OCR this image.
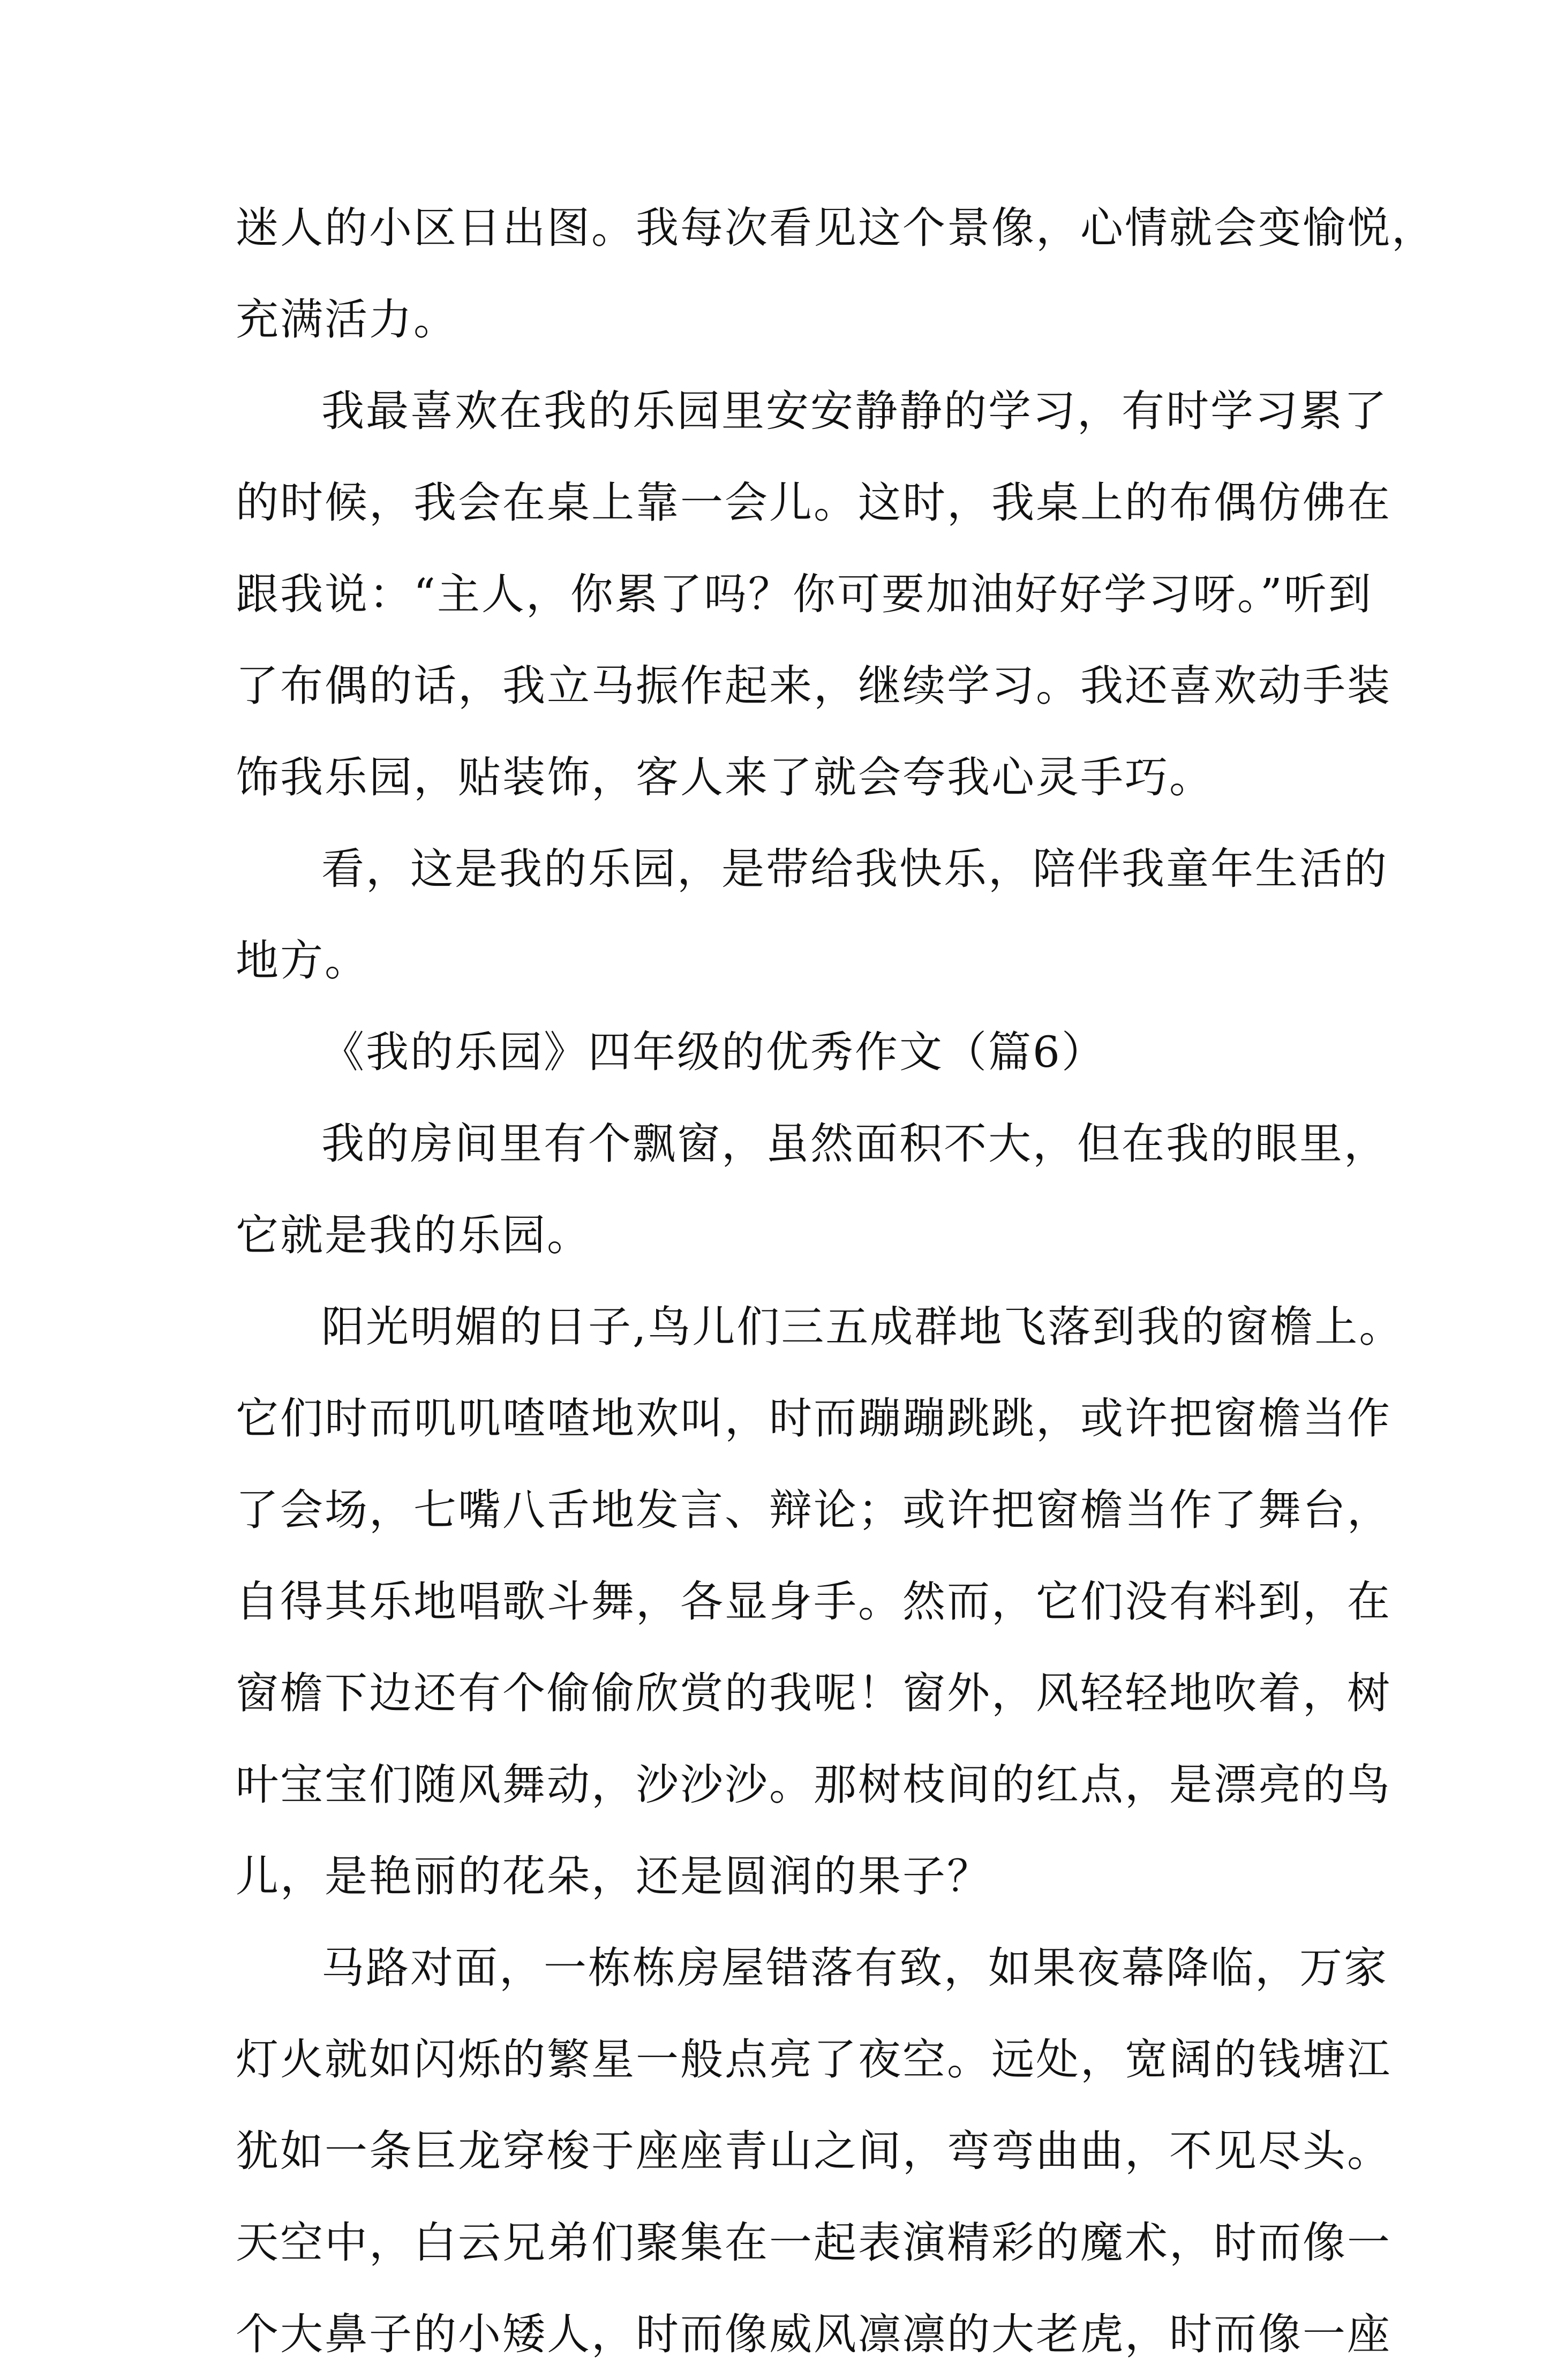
迷人的小区日出图。我每次看见这个景像，心情就会变愉悦，
充满活力。
我最喜欢在我的乐园里安安静静的学习，有时学习累了
的时候，我会在桌上靠一会儿。这时，我桌上的布偶仿佛在
跟我说：“主人，你累了吗？你可要加油好好学习呀。”听到
了布偶的话，我立马振作起来，继续学习。我还喜欢动手装
饰我乐园，贴装饰，客人来了就会夸我心灵手巧。
看，这是我的乐园，是带给我快乐，陪伴我童年生活的
地方。
《我的乐园》四年级的优秀作文（篇6）
我的房间里有个飘窗，虽然面积不大，但在我的眼里，
它就是我的乐园。
阳光明媚的日子,鸟儿们三五成群地飞落到我的窗檐上。
它们时而叽叽喳喳地欢叫，时而蹦蹦跳跳，或许把窗檐当作
了会场，七嘴八舌地发言、辩论；或许把窗檐当作了舞台，
自得其乐地唱歌斗舞，各显身手。然而，它们没有料到，在
窗檐下边还有个偷偷欣赏的我呢！窗外，风轻轻地吹着，树
叶宝宝们随风舞动，沙沙沙。那树枝间的红点，是漂亮的鸟
儿，是艳丽的花朵，还是圆润的果子？
马路对面，一栋栋房屋错落有致，如果夜幕降临，万家
灯火就如闪烁的繁星一般点亮了夜空。远处，宽阔的钱塘江
犹如一条巨龙穿梭于座座青山之间，弯弯曲曲，不见尽头。
天空中，白云兄弟们聚集在一起表演精彩的魔术，时而像一
个大鼻子的小矮人，时而像威风凛凛的大老虎，时而像一座
